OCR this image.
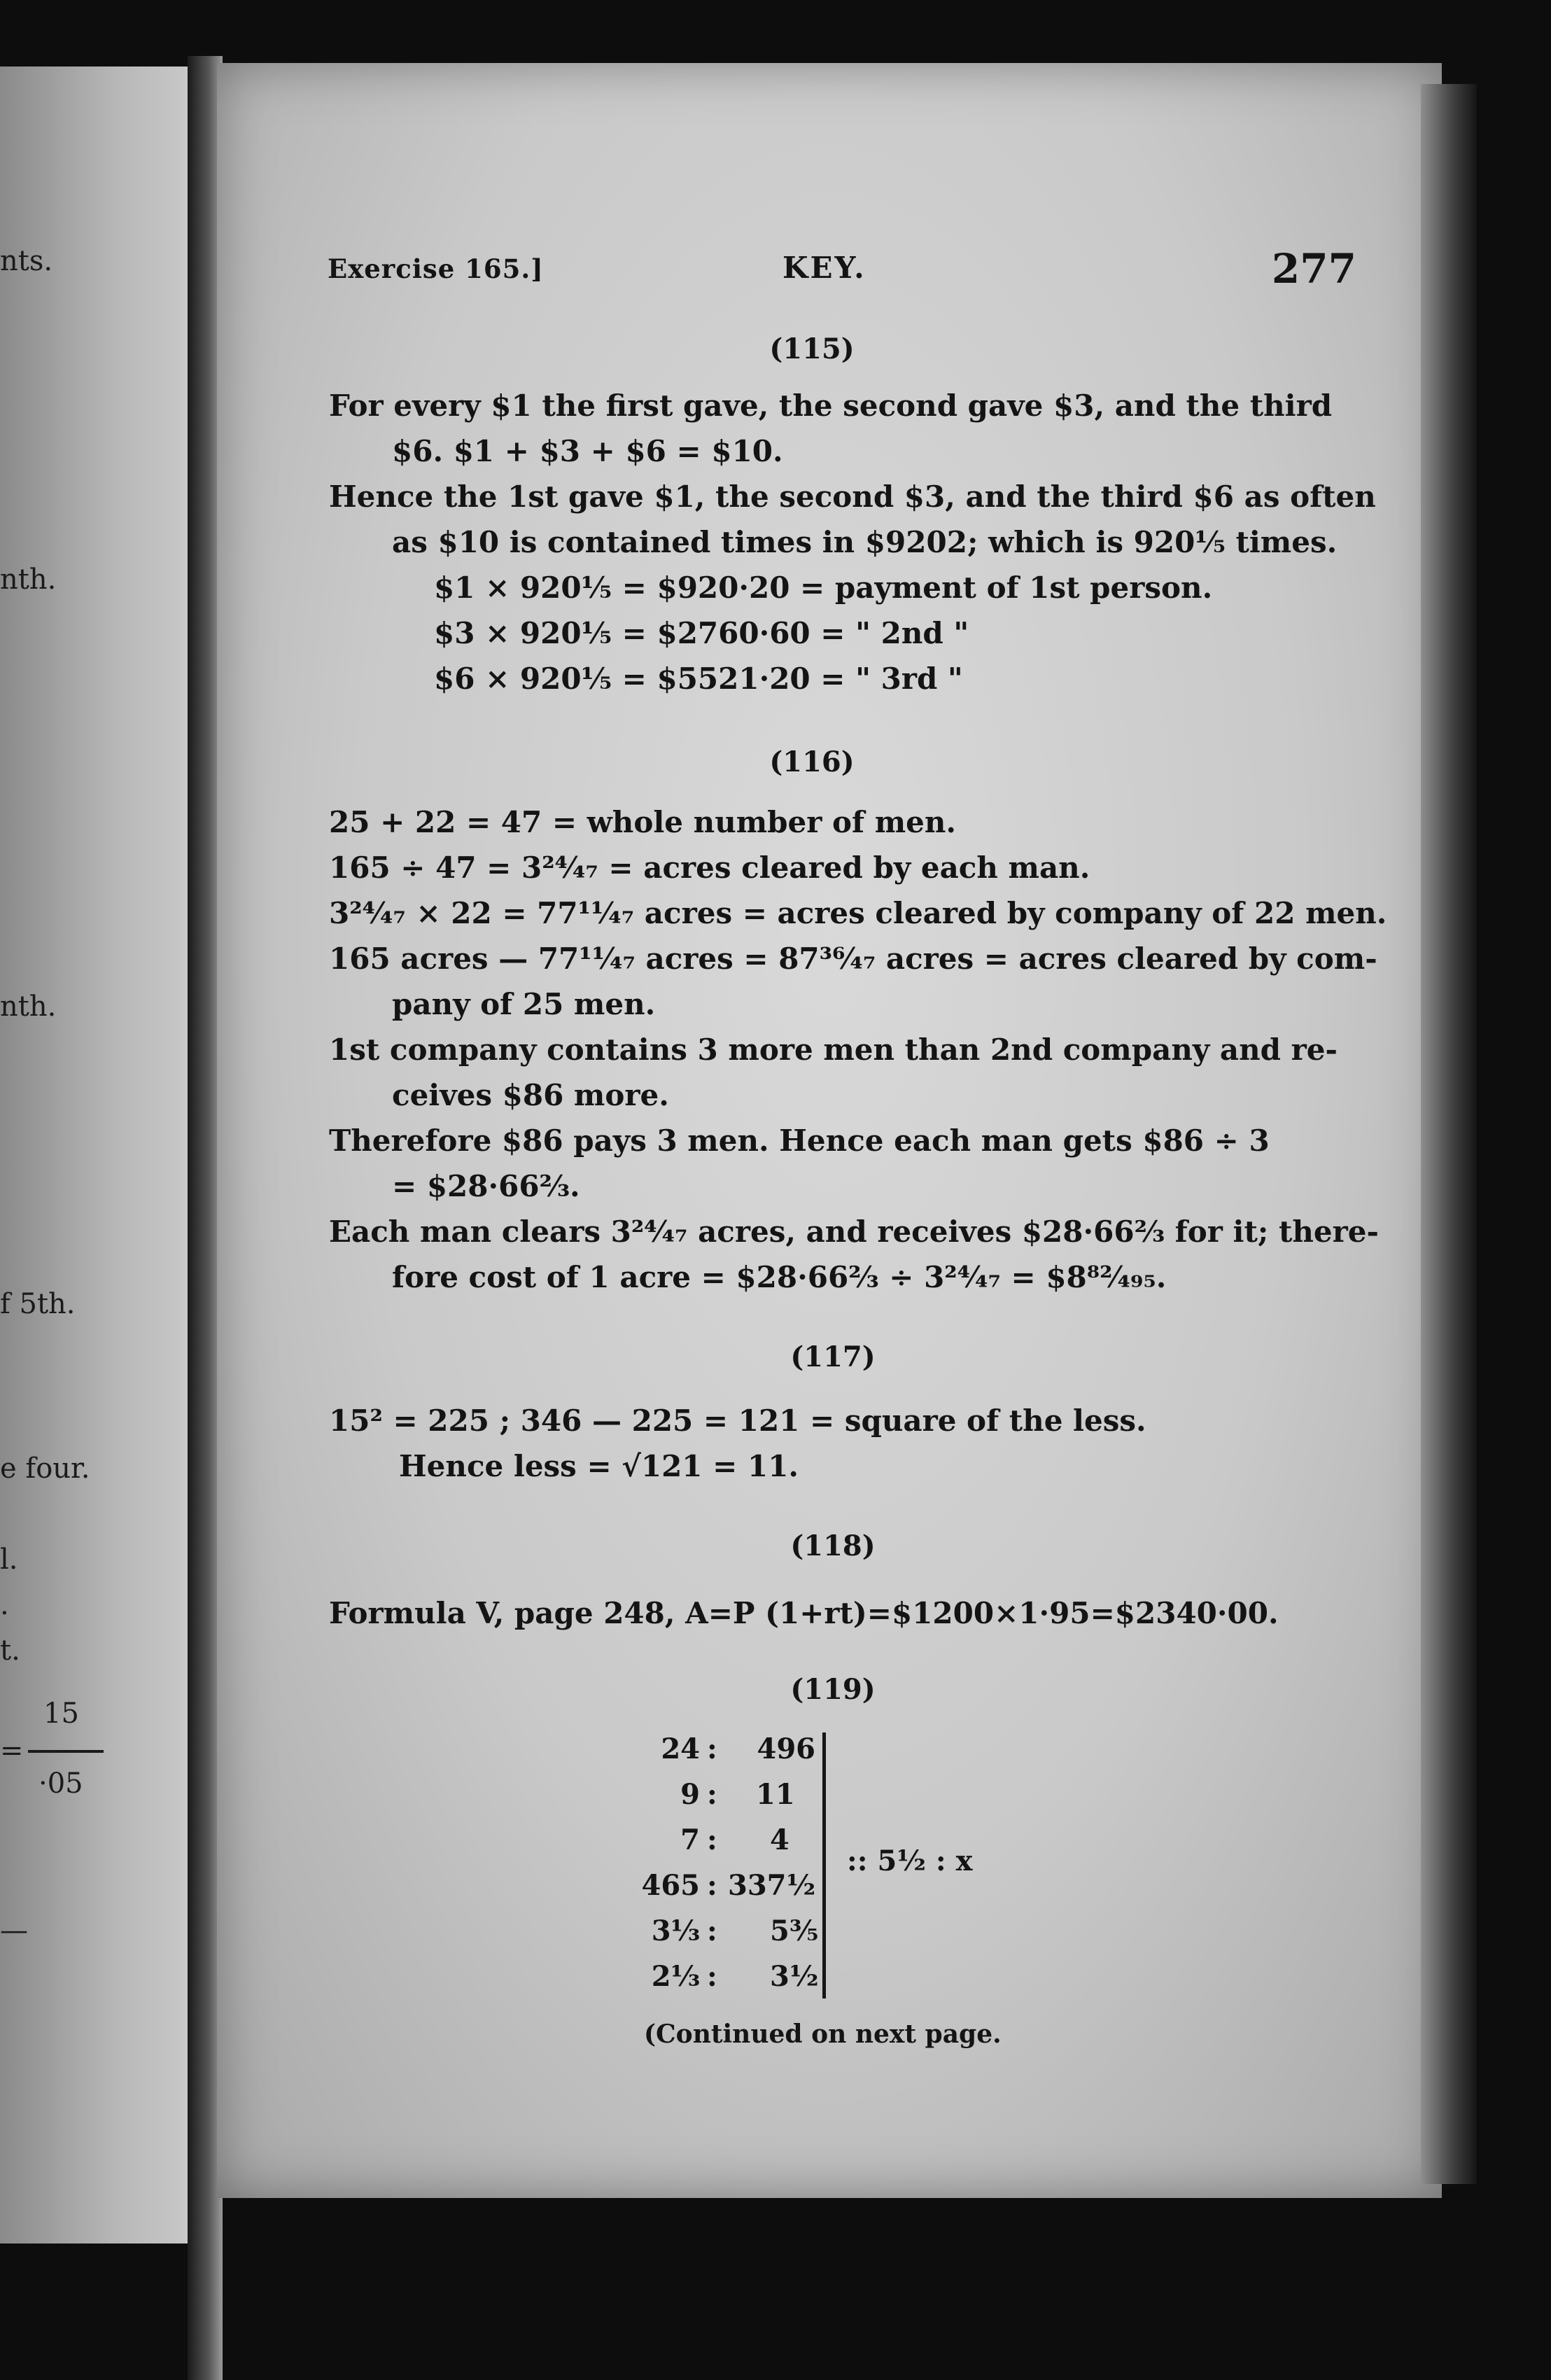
nts.
nth.
nth.
f 5th.
e four.
l.
.
t.
15
=
·05
—
Exercise 165.]	KEY.	277
(115)
For every $1 the first gave, the second gave $3, and the third
$6. $1 + $3 + $6 = $10.
Hence the 1st gave $1, the second $3, and the third $6 as often
as $10 is contained times in $9202; which is 920⅕ times.
$1 × 920⅕ = $920·20 = payment of 1st person.
$3 × 920⅕ = $2760·60 = " 2nd "
$6 × 920⅕ = $5521·20 = " 3rd "
(116)
25 + 22 = 47 = whole number of men.
165 ÷ 47 = 3²⁴⁄₄₇ = acres cleared by each man.
3²⁴⁄₄₇ × 22 = 77¹¹⁄₄₇ acres = acres cleared by company of 22 men.
165 acres — 77¹¹⁄₄₇ acres = 87³⁶⁄₄₇ acres = acres cleared by com-
pany of 25 men.
1st company contains 3 more men than 2nd company and re-
ceives $86 more.
Therefore $86 pays 3 men. Hence each man gets $86 ÷ 3
= $28·66⅔.
Each man clears 3²⁴⁄₄₇ acres, and receives $28·66⅔ for it; there-
fore cost of 1 acre = $28·66⅔ ÷ 3²⁴⁄₄₇ = $8⁸²⁄₄₉₅.
(117)
15² = 225 ; 346 — 225 = 121 = square of the less.
Hence less = √121 = 11.
(118)
Formula V, page 248, A=P (1+rt)=$1200×1·95=$2340·00.
(119)
24
9
7
465
3⅓
2⅓
:
:
:
:
:
:
496
11
4
337½
5⅗
3½
:: 5½ : x
(Continued on next page.
